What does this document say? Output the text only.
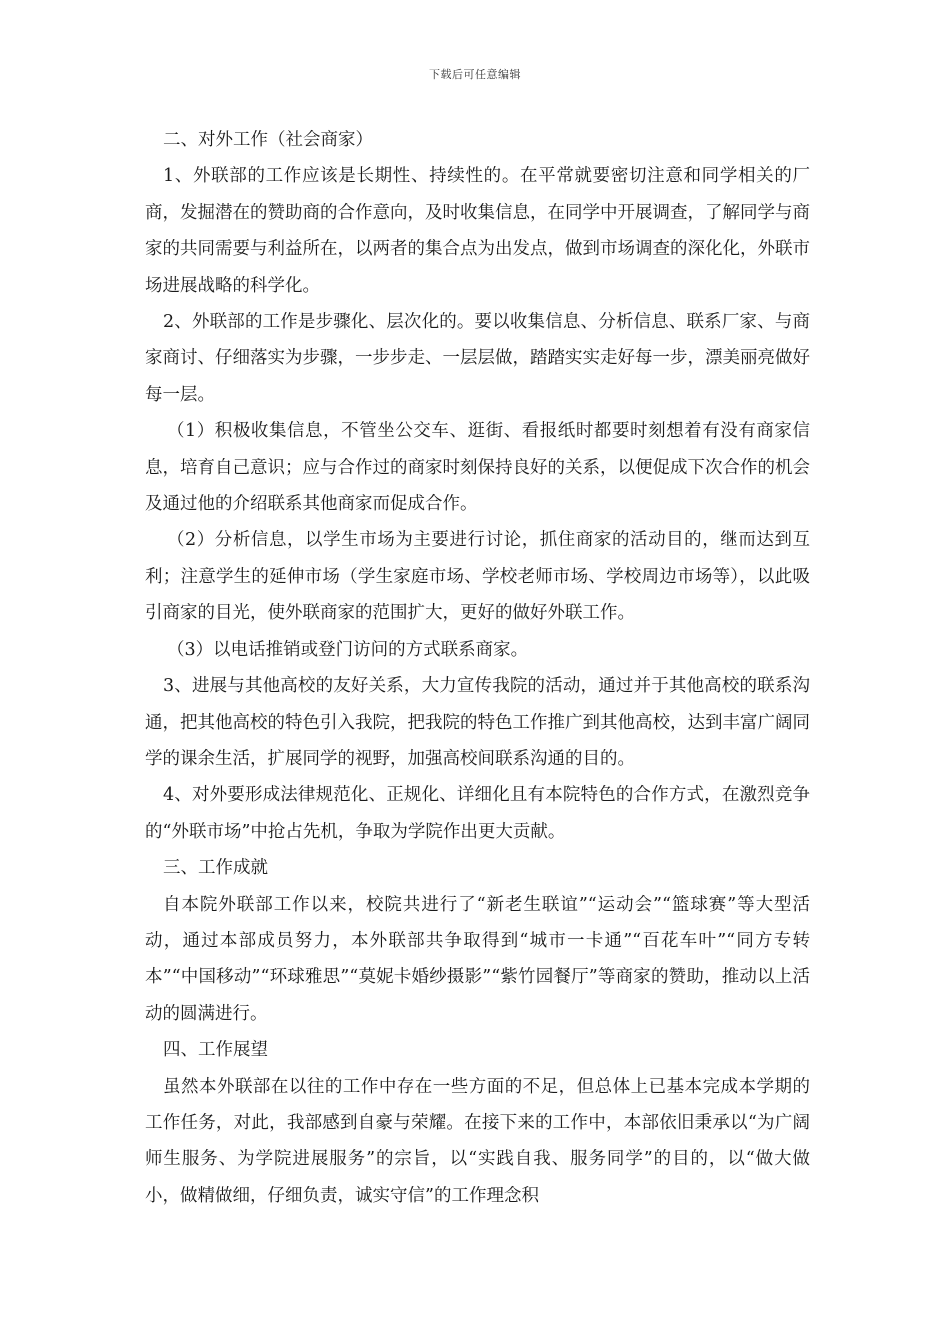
下载后可任意编辑

二、对外工作（社会商家）

1、外联部的工作应该是长期性、持续性的。在平常就要密切注意和同学相关的厂商，发掘潜在的赞助商的合作意向，及时收集信息，在同学中开展调查，了解同学与商家的共同需要与利益所在，以两者的集合点为出发点，做到市场调查的深化化，外联市场进展战略的科学化。

2、外联部的工作是步骤化、层次化的。要以收集信息、分析信息、联系厂家、与商家商讨、仔细落实为步骤，一步步走、一层层做，踏踏实实走好每一步，漂美丽亮做好每一层。

（1）积极收集信息，不管坐公交车、逛街、看报纸时都要时刻想着有没有商家信息，培育自己意识；应与合作过的商家时刻保持良好的关系，以便促成下次合作的机会及通过他的介绍联系其他商家而促成合作。

（2）分析信息，以学生市场为主要进行讨论，抓住商家的活动目的，继而达到互利；注意学生的延伸市场（学生家庭市场、学校老师市场、学校周边市场等），以此吸引商家的目光，使外联商家的范围扩大，更好的做好外联工作。

（3）以电话推销或登门访问的方式联系商家。

3、进展与其他高校的友好关系，大力宣传我院的活动，通过并于其他高校的联系沟通，把其他高校的特色引入我院，把我院的特色工作推广到其他高校，达到丰富广阔同学的课余生活，扩展同学的视野，加强高校间联系沟通的目的。

4、对外要形成法律规范化、正规化、详细化且有本院特色的合作方式，在激烈竞争的“外联市场”中抢占先机，争取为学院作出更大贡献。

三、工作成就

自本院外联部工作以来，校院共进行了“新老生联谊”“运动会”“篮球赛”等大型活动，通过本部成员努力，本外联部共争取得到“城市一卡通”“百花车叶”“同方专转本”“中国移动”“环球雅思”“莫妮卡婚纱摄影”“紫竹园餐厅”等商家的赞助，推动以上活动的圆满进行。

四、工作展望

虽然本外联部在以往的工作中存在一些方面的不足，但总体上已基本完成本学期的工作任务，对此，我部感到自豪与荣耀。在接下来的工作中，本部依旧秉承以“为广阔师生服务、为学院进展服务”的宗旨，以“实践自我、服务同学”的目的，以“做大做小，做精做细，仔细负责，诚实守信”的工作理念积
